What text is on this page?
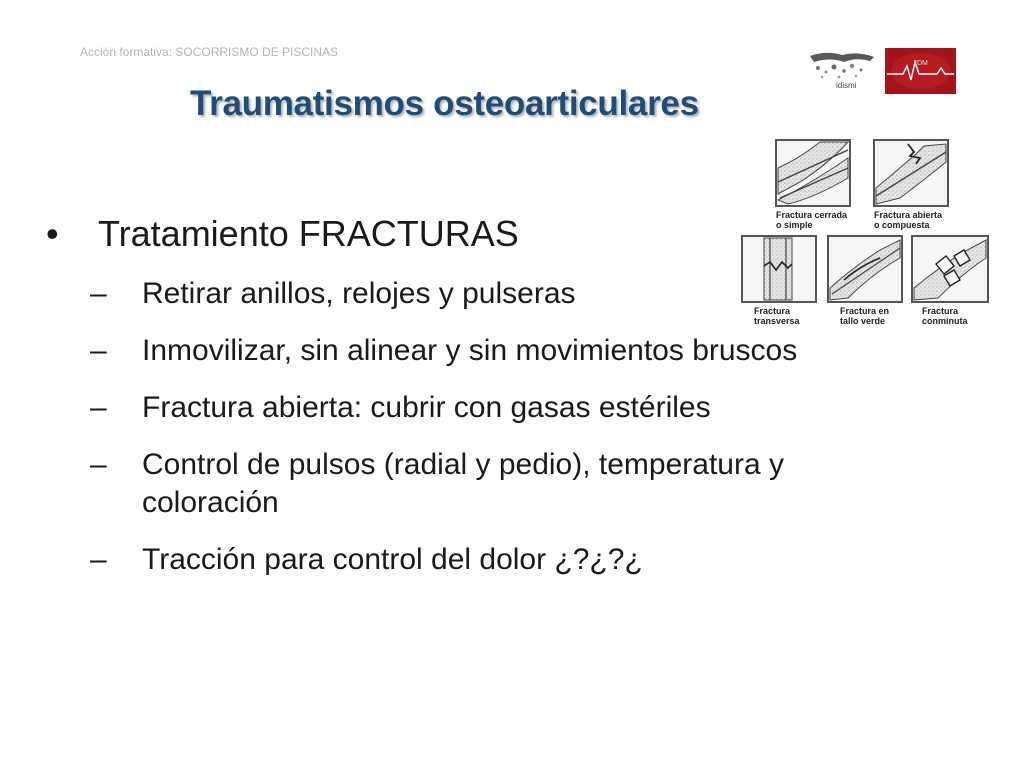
Acción formativa: SOCORRISMO DE PISCINAS
idismi
IDM
Traumatismos osteoarticulares
• Tratamiento FRACTURAS
– Retirar anillos, relojes y pulseras
– Inmovilizar, sin alinear y sin movimientos bruscos
– Fractura abierta: cubrir con gasas estériles
– Control de pulsos (radial y pedio), temperatura y coloración
– Tracción para control del dolor ¿?¿?¿
Fractura cerrada
o simple
Fractura abierta
o compuesta
Fractura
transversa
Fractura en
tallo verde
Fractura
conminuta
